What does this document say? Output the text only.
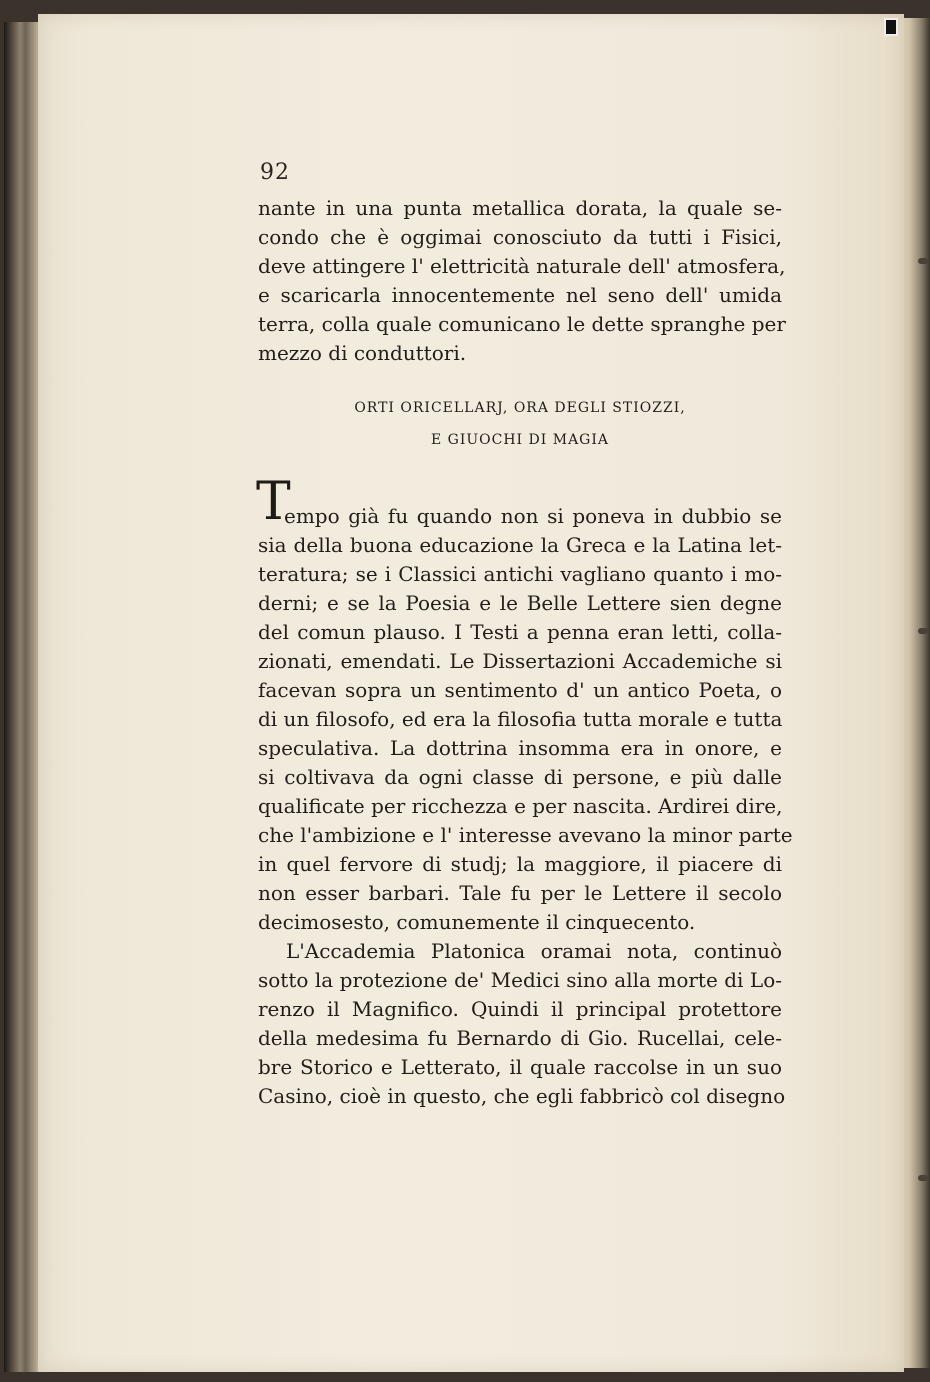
92
nante in una punta metallica dorata, la quale se-
condo che è oggimai conosciuto da tutti i Fisici,
deve attingere l' elettricità naturale dell' atmosfera,
e scaricarla innocentemente nel seno dell' umida
terra, colla quale comunicano le dette spranghe per
mezzo di conduttori.
ORTI ORICELLARJ, ORA DEGLI STIOZZI,
E GIUOCHI DI MAGIA
T
empo già fu quando non si poneva in dubbio se
sia della buona educazione la Greca e la Latina let-
teratura; se i Classici antichi vagliano quanto i mo-
derni; e se la Poesia e le Belle Lettere sien degne
del comun plauso. I Testi a penna eran letti, colla-
zionati, emendati. Le Dissertazioni Accademiche si
facevan sopra un sentimento d' un antico Poeta, o
di un filosofo, ed era la filosofia tutta morale e tutta
speculativa. La dottrina insomma era in onore, e
si coltivava da ogni classe di persone, e più dalle
qualificate per ricchezza e per nascita. Ardirei dire,
che l'ambizione e l' interesse avevano la minor parte
in quel fervore di studj; la maggiore, il piacere di
non esser barbari. Tale fu per le Lettere il secolo
decimosesto, comunemente il cinquecento.
L'Accademia Platonica oramai nota, continuò
sotto la protezione de' Medici sino alla morte di Lo-
renzo il Magnifico. Quindi il principal protettore
della medesima fu Bernardo di Gio. Rucellai, cele-
bre Storico e Letterato, il quale raccolse in un suo
Casino, cioè in questo, che egli fabbricò col disegno
